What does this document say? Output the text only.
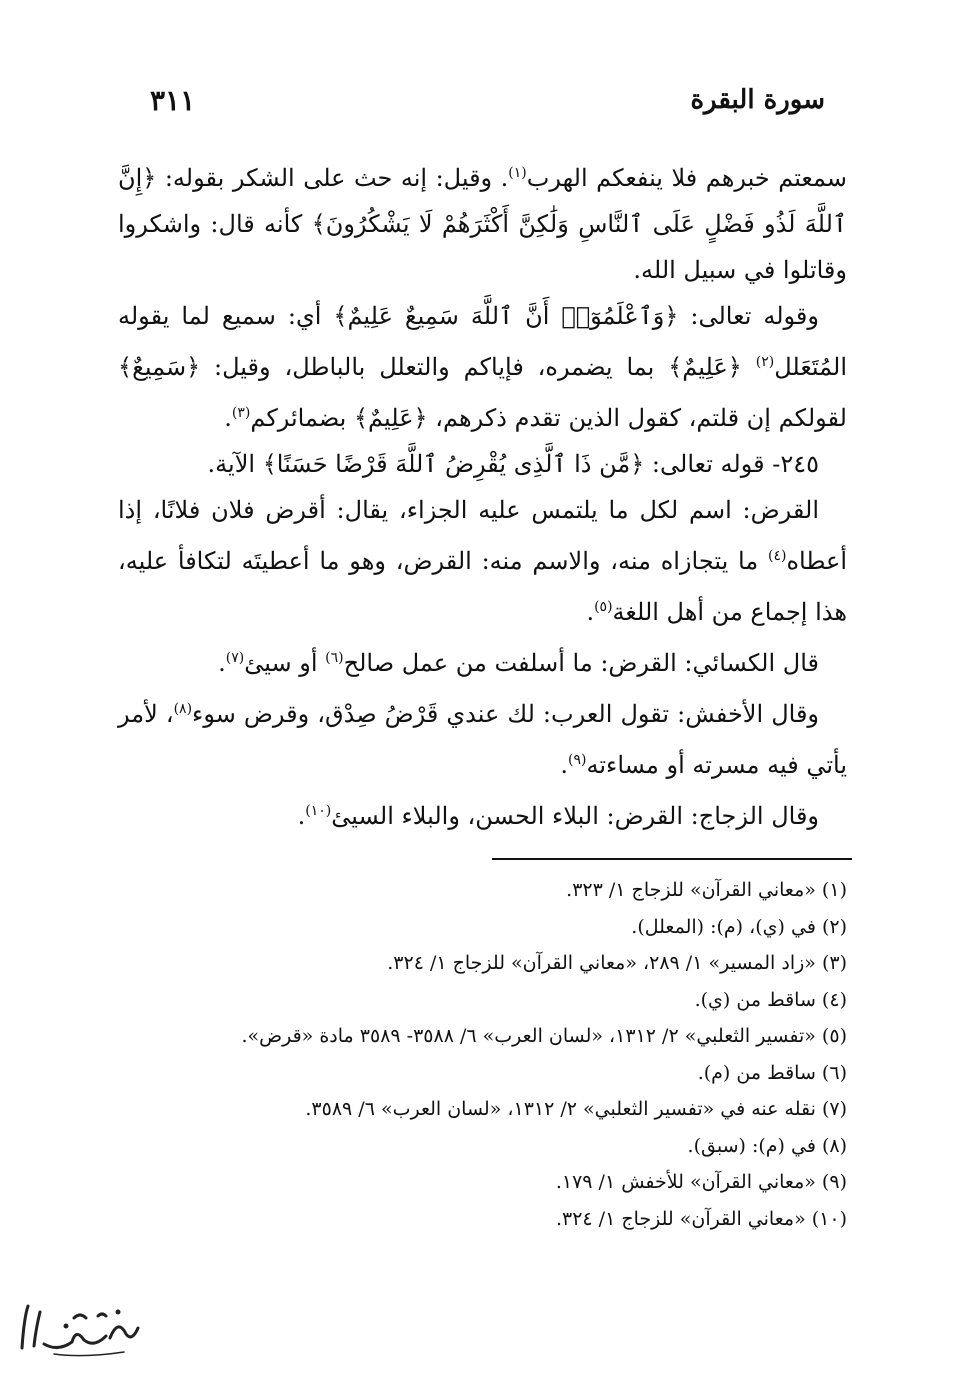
سورة البقرة
٣١١

سمعتم خبرهم فلا ينفعكم الهرب$^{(١)}$. وقيل: إنه حث على الشكر بقوله: ﴿إِنَّ ٱللَّهَ لَذُو فَضْلٍ عَلَى ٱلنَّاسِ وَلَٰكِنَّ أَكْثَرَهُمْ لَا يَشْكُرُونَ﴾ كأنه قال: واشكروا وقاتلوا في سبيل الله.

وقوله تعالى: ﴿وَٱعْلَمُوٓا۟ أَنَّ ٱللَّهَ سَمِيعٌ عَلِيمٌ﴾ أي: سميع لما يقوله المُتَعَلل$^{(٢)}$ ﴿عَلِيمٌ﴾ بما يضمره، فإياكم والتعلل بالباطل، وقيل: ﴿سَمِيعٌ﴾ لقولكم إن قلتم، كقول الذين تقدم ذكرهم، ﴿عَلِيمٌ﴾ بضمائركم$^{(٣)}$.

٢٤٥- قوله تعالى: ﴿مَّن ذَا ٱلَّذِى يُقْرِضُ ٱللَّهَ قَرْضًا حَسَنًا﴾ الآية.

القرض: اسم لكل ما يلتمس عليه الجزاء، يقال: أقرض فلان فلانًا، إذا أعطاه$^{(٤)}$ ما يتجازاه منه، والاسم منه: القرض، وهو ما أعطيتَه لتكافأ عليه، هذا إجماع من أهل اللغة$^{(٥)}$.

قال الكسائي: القرض: ما أسلفت من عمل صالح$^{(٦)}$ أو سيئ$^{(٧)}$.

وقال الأخفش: تقول العرب: لك عندي قَرْضُ صِدْق، وقرض سوء$^{(٨)}$، لأمر يأتي فيه مسرته أو مساءته$^{(٩)}$.

وقال الزجاج: القرض: البلاء الحسن، والبلاء السيئ$^{(١٠)}$.

(١) «معاني القرآن» للزجاج ١/ ٣٢٣.

(٢) في (ي)، (م): (المعلل).

(٣) «زاد المسير» ١/ ٢٨٩، «معاني القرآن» للزجاج ١/ ٣٢٤.

(٤) ساقط من (ي).

(٥) «تفسير الثعلبي» ٢/ ١٣١٢، «لسان العرب» ٦/ ٣٥٨٨- ٣٥٨٩ مادة «قرض».

(٦) ساقط من (م).

(٧) نقله عنه في «تفسير الثعلبي» ٢/ ١٣١٢، «لسان العرب» ٦/ ٣٥٨٩.

(٨) في (م): (سبق).

(٩) «معاني القرآن» للأخفش ١/ ١٧٩.

(١٠) «معاني القرآن» للزجاج ١/ ٣٢٤.
